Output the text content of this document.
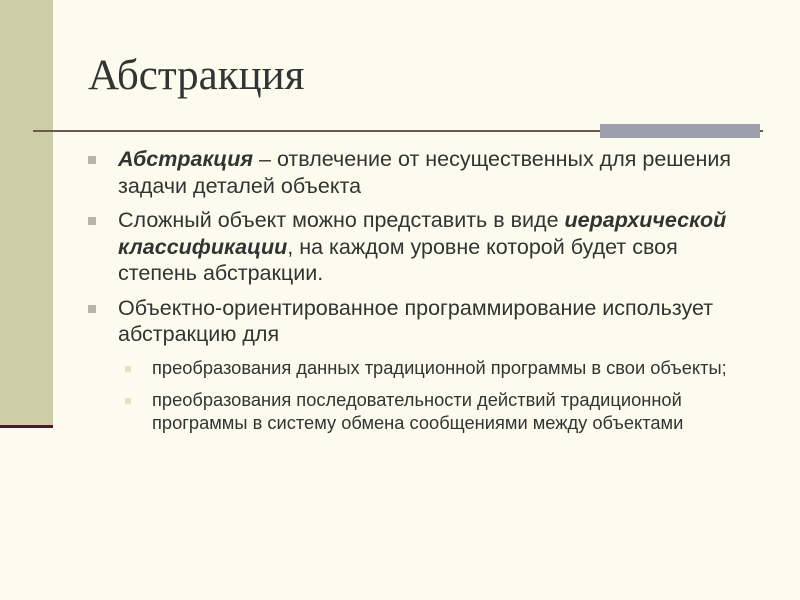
Абстракция
Абстракция – отвлечение от несущественных для решения задачи деталей объекта
Сложный объект можно представить в виде иерархической классификации, на каждом уровне которой будет своя степень абстракции.
Объектно-ориентированное программирование использует абстракцию для
преобразования данных традиционной программы в свои объекты;
преобразования последовательности действий традиционной программы в систему обмена сообщениями между объектами
